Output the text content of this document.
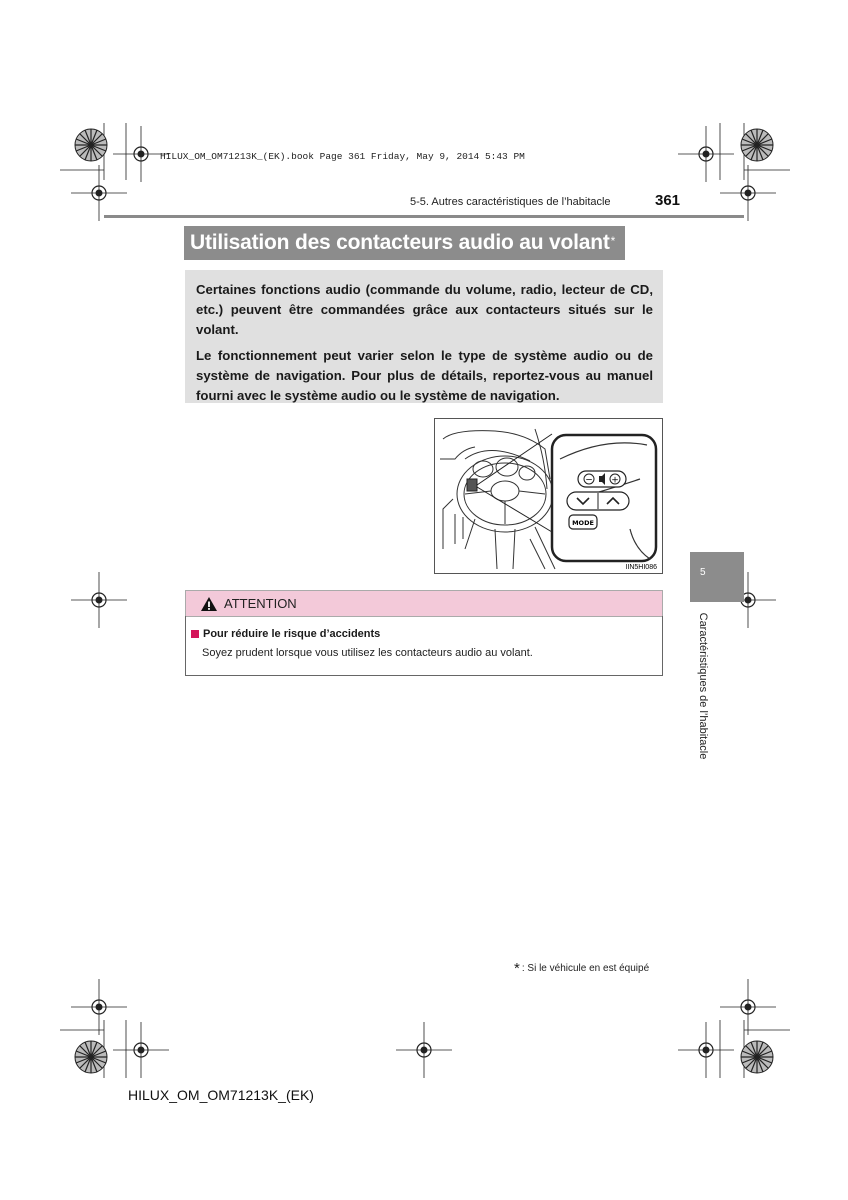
HILUX_OM_OM71213K_(EK).book Page 361 Friday, May 9, 2014 5:43 PM
5-5. Autres caractéristiques de l’habitacle	361
Utilisation des contacteurs audio au volant*

Certaines fonctions audio (commande du volume, radio, lecteur de CD, etc.) peuvent être commandées grâce aux contacteurs situés sur le volant.

Le fonctionnement peut varier selon le type de système audio ou de système de navigation. Pour plus de détails, reportez-vous au manuel fourni avec le système audio ou le système de navigation.

− +
MODE
IIN5HI086
ATTENTION
Pour réduire le risque d’accidents
Soyez prudent lorsque vous utilisez les contacteurs audio au volant.
5
Caractéristiques de l’habitacle
* : Si le véhicule en est équipé
HILUX_OM_OM71213K_(EK)
